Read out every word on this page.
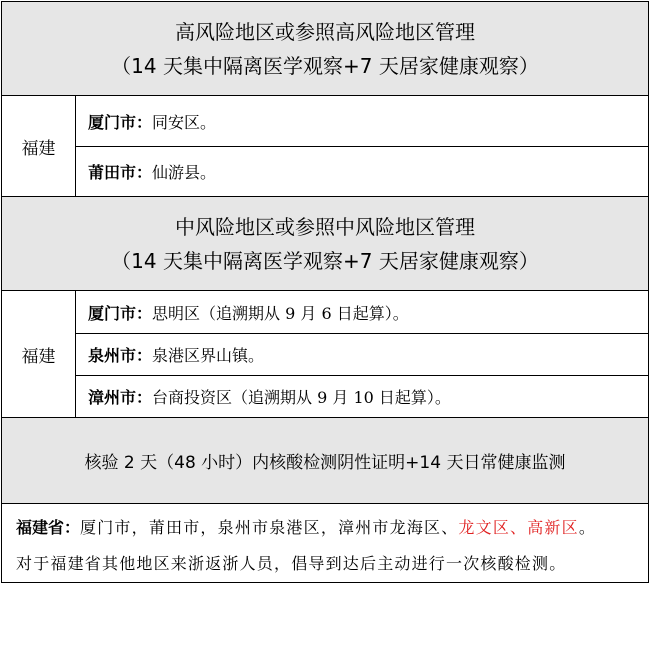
高风险地区或参照高风险地区管理
（14 天集中隔离医学观察+7 天居家健康观察）
福建
厦门市： 同安区。
莆田市： 仙游县。
中风险地区或参照中风险地区管理
（14 天集中隔离医学观察+7 天居家健康观察）
福建
厦门市： 思明区（追溯期从 9 月 6 日起算）。
泉州市： 泉港区界山镇。
漳州市： 台商投资区（追溯期从 9 月 10 日起算）。
核验 2 天（48 小时）内核酸检测阴性证明+14 天日常健康监测
福建省：厦门市，莆田市，泉州市泉港区，漳州市龙海区、龙文区、高新区。
对于福建省其他地区来浙返浙人员，倡导到达后主动进行一次核酸检测。
